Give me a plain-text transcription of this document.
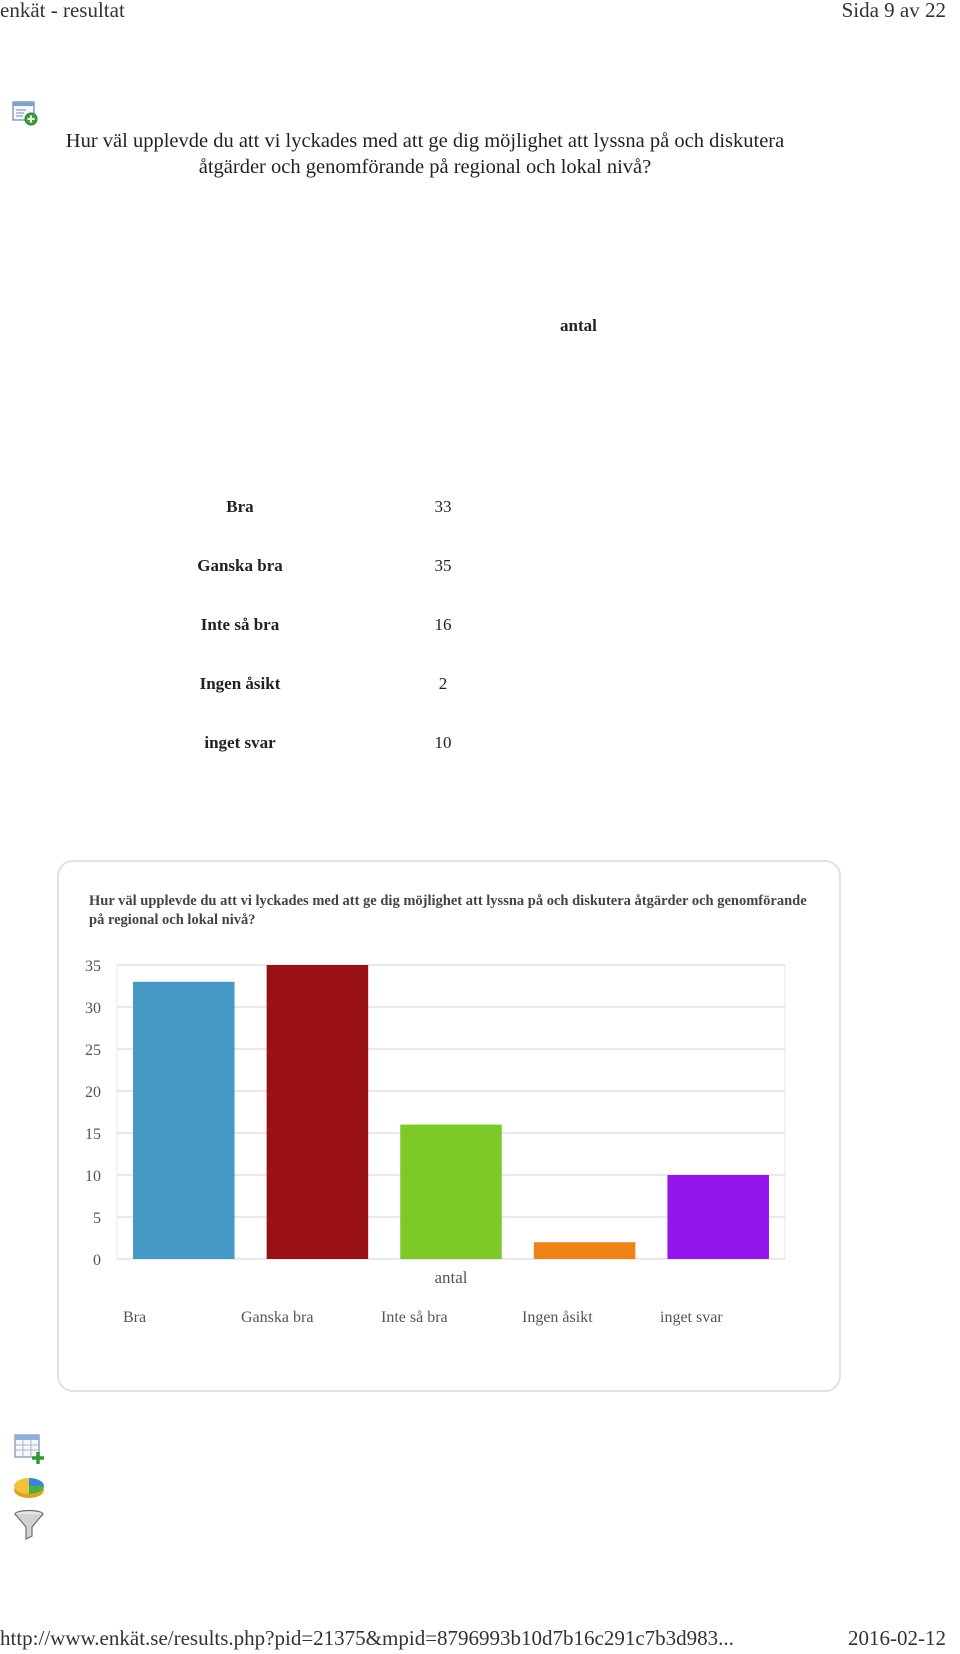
enkät - resultat	Sida 9 av 22
Hur väl upplevde du att vi lyckades med att ge dig möjlighet att lyssna på och diskutera åtgärder och genomförande på regional och lokal nivå?
antal
Bra	33
Ganska bra	35
Inte så bra	16
Ingen åsikt	2
inget svar	10
Hur väl upplevde du att vi lyckades med att ge dig möjlighet att lyssna på och diskutera åtgärder och genomförande på regional och lokal nivå?
0
5
10
15
20
25
30
35
antal
Bra	Ganska bra	Inte så bra	Ingen åsikt	inget svar
http://www.enkät.se/results.php?pid=21375&mpid=8796993b10d7b16c291c7b3d983...	2016-02-12
